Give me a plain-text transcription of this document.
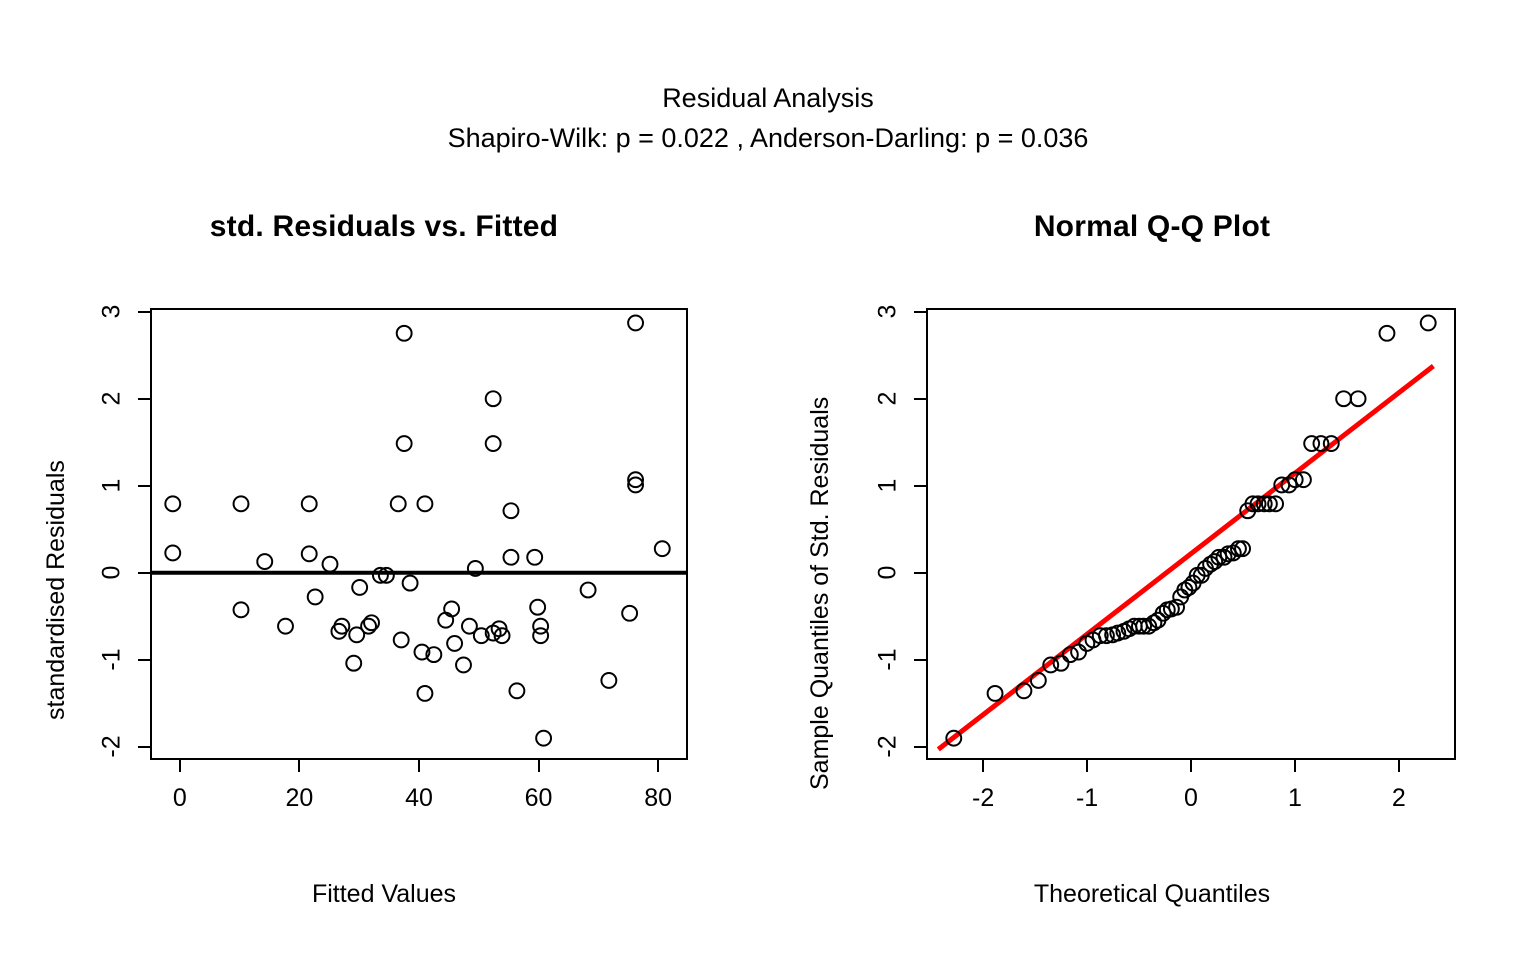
Residual Analysis
Shapiro-Wilk: p = 0.022 , Anderson-Darling: p = 0.036
std. Residuals vs. Fitted
standardised Residuals
Fitted Values
-2
-1
0
1
2
3
0	20	40	60	80
Normal Q-Q Plot
Sample Quantiles of Std. Residuals
Theoretical Quantiles
-2
-1
0
1
2
3
-2	-1	0	1	2
